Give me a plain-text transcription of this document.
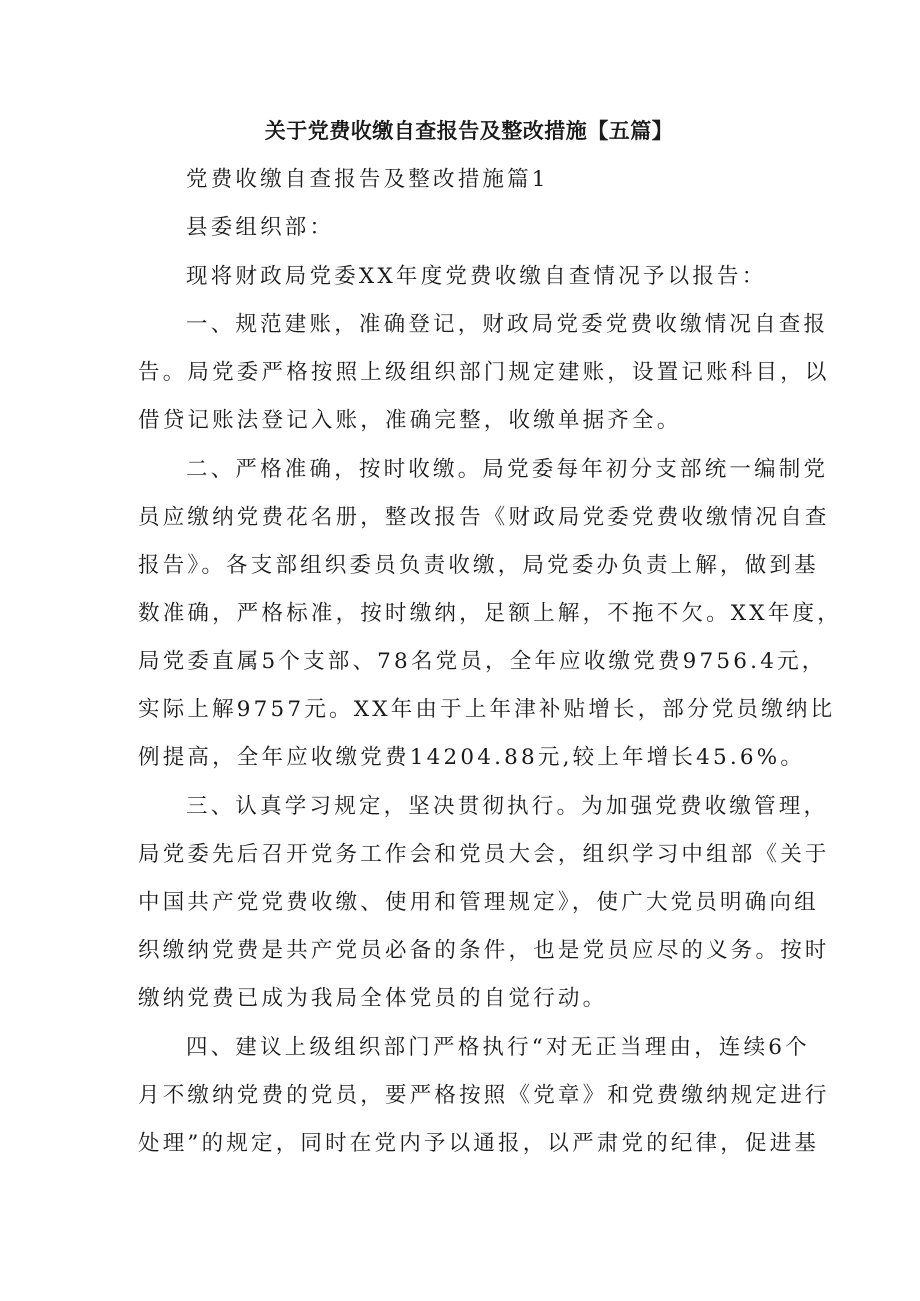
关于党费收缴自查报告及整改措施【五篇】
党费收缴自查报告及整改措施篇1
县委组织部：
现将财政局党委XX年度党费收缴自查情况予以报告：
一、规范建账，准确登记，财政局党委党费收缴情况自查报
告。局党委严格按照上级组织部门规定建账，设置记账科目，以
借贷记账法登记入账，准确完整，收缴单据齐全。
二、严格准确，按时收缴。局党委每年初分支部统一编制党
员应缴纳党费花名册，整改报告《财政局党委党费收缴情况自查
报告》。各支部组织委员负责收缴，局党委办负责上解，做到基
数准确，严格标准，按时缴纳，足额上解，不拖不欠。XX年度，
局党委直属5个支部、78名党员，全年应收缴党费9756.4元，
实际上解9757元。XX年由于上年津补贴增长，部分党员缴纳比
例提高，全年应收缴党费14204.88元,较上年增长45.6%。
三、认真学习规定，坚决贯彻执行。为加强党费收缴管理，
局党委先后召开党务工作会和党员大会，组织学习中组部《关于
中国共产党党费收缴、使用和管理规定》，使广大党员明确向组
织缴纳党费是共产党员必备的条件，也是党员应尽的义务。按时
缴纳党费已成为我局全体党员的自觉行动。
四、建议上级组织部门严格执行“对无正当理由，连续6个
月不缴纳党费的党员，要严格按照《党章》和党费缴纳规定进行
处理”的规定，同时在党内予以通报，以严肃党的纪律，促进基
